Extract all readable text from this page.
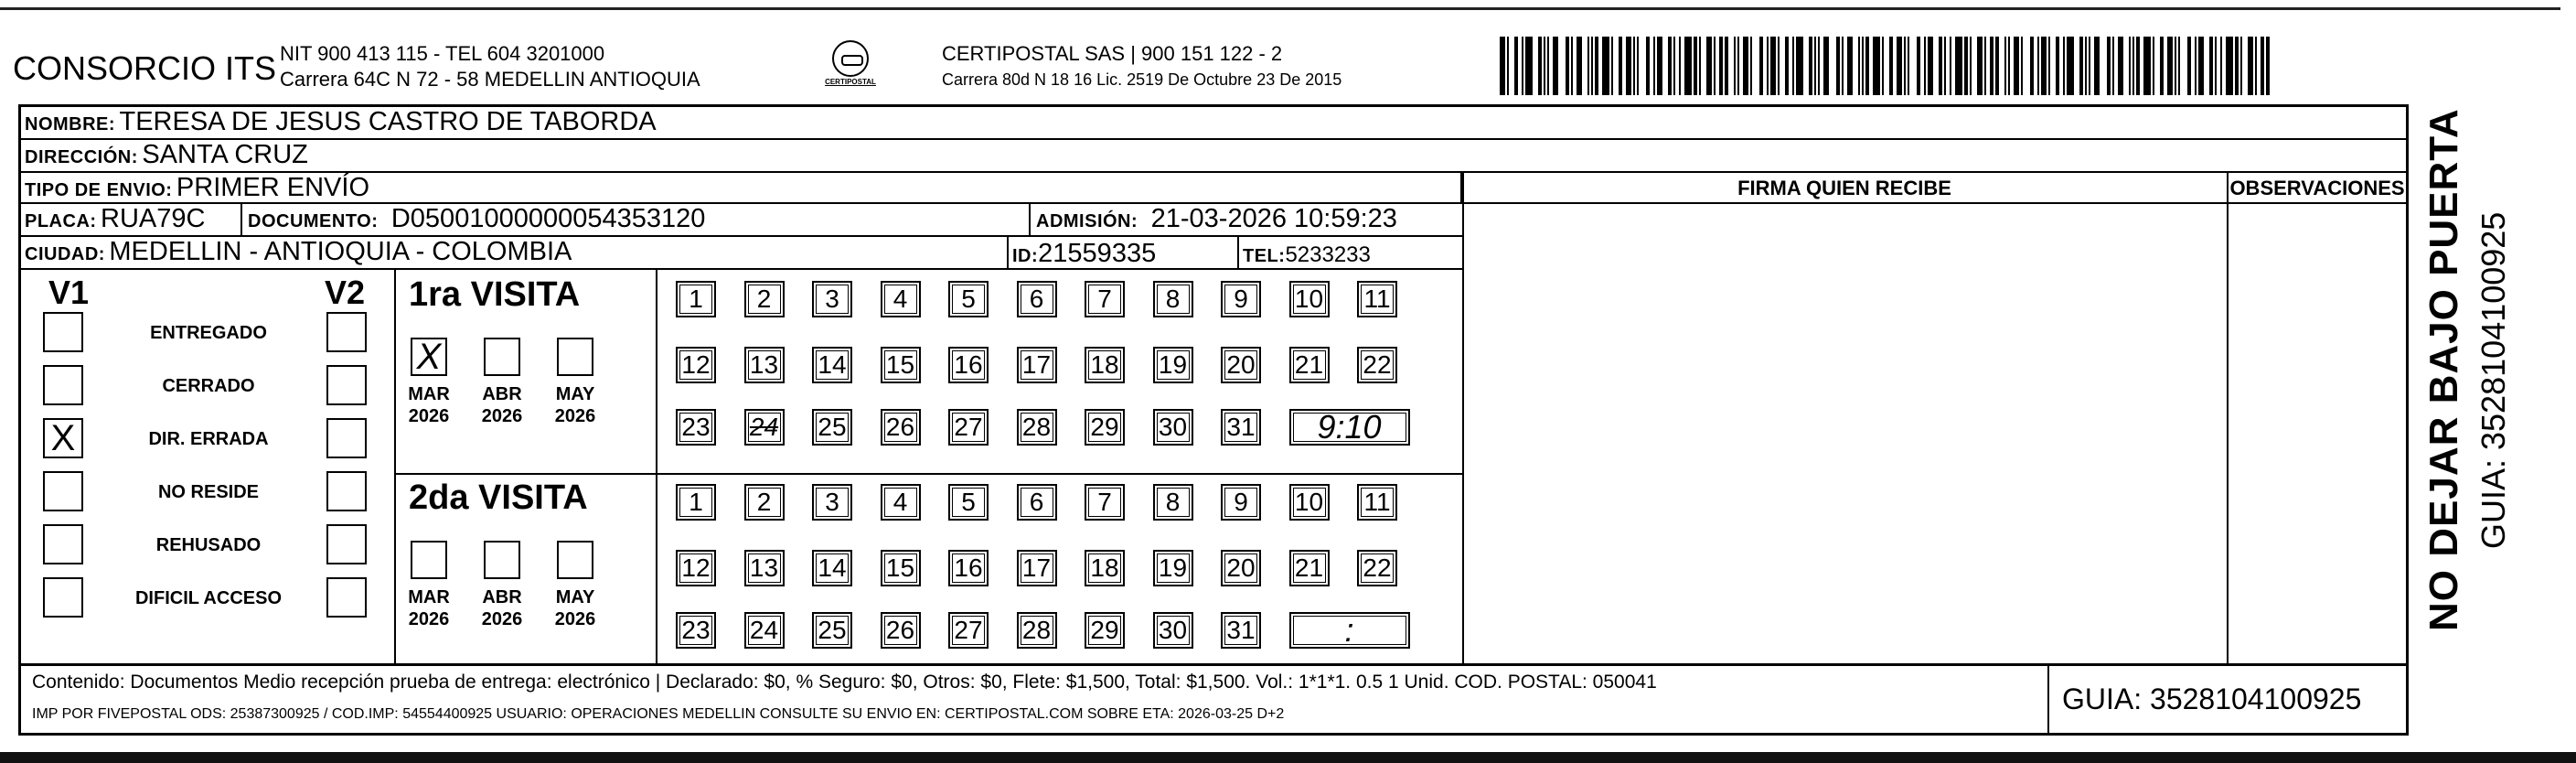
CONSORCIO ITS NIT 900 413 115 - TEL 604 3201000
Carrera 64C N 72 - 58 MEDELLIN ANTIOQUIA	CERTIPOSTAL
CERTIPOSTAL SAS | 900 151 122 - 2
Carrera 80d N 18 16 Lic. 2519 De Octubre 23 De 2015
NOMBRE: TERESA DE JESUS CASTRO DE TABORDA
DIRECCIÓN: SANTA CRUZ
TIPO DE ENVIO: PRIMER ENVÍO	FIRMA QUIEN RECIBE	OBSERVACIONES
PLACA: RUA79C	DOCUMENTO: D050010000000543531​20	ADMISIÓN: 21-03-2026 10:59:23
CIUDAD: MEDELLIN - ANTIOQUIA - COLOMBIA	ID:21559335	TEL:5233233
V1	V2
ENTREGADO
CERRADO
X	DIR. ERRADA
NO RESIDE
REHUSADO
DIFICIL ACCESO
1ra VISITA
X
MAR
2026
ABR
2026
MAY
2026
1	2	3	4	5	6	7	8	9	10 11
12 13 14 15 16 17 18 19 20 21 22
23 24 25 26 27 28 29 30 31	9:10
2da VISITA
MAR
2026
ABR
2026
MAY
2026
1	2	3	4	5	6	7	8	9	10 11
12 13 14 15 16 17 18 19 20 21 22
23 24 25 26 27 28 29 30 31	:
Contenido: Documentos Medio recepción prueba de entrega: electrónico | Declarado: $0, % Seguro: $0, Otros: $0, Flete: $1,500, Total: $1,500. Vol.: 1*1*1. 0.5 1 Unid. COD. POSTAL: 050041
IMP POR FIVEPOSTAL ODS: 25387300925 / COD.IMP: 54554400925 USUARIO: OPERACIONES MEDELLIN CONSULTE SU ENVIO EN: CERTIPOSTAL.COM SOBRE ETA: 2026-03-25 D+2	GUIA: 3528104100925
NO DEJAR BAJO PUERTA GUIA: 3528104100925
